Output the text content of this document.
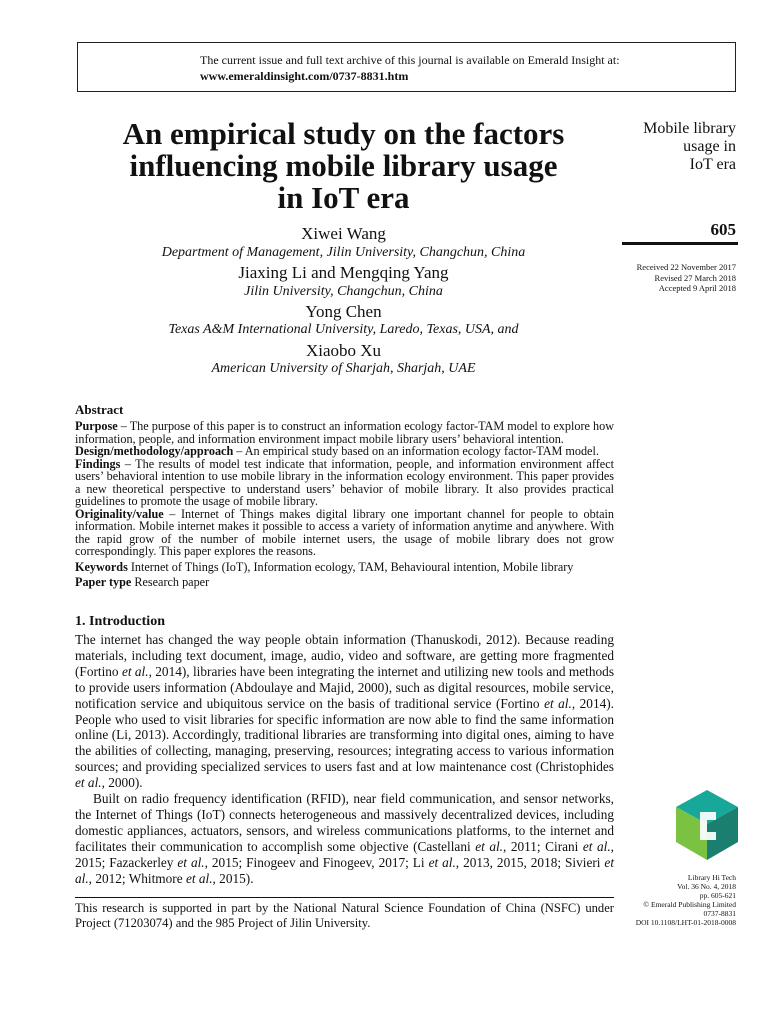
The current issue and full text archive of this journal is available on Emerald Insight at:
www.emeraldinsight.com/0737-8831.htm
An empirical study on the factors
influencing mobile library usage
in IoT era
Xiwei Wang
Department of Management, Jilin University, Changchun, China
Jiaxing Li and Mengqing Yang
Jilin University, Changchun, China
Yong Chen
Texas A&M International University, Laredo, Texas, USA, and
Xiaobo Xu
American University of Sharjah, Sharjah, UAE
Mobile library
usage in
IoT era
605
Received 22 November 2017
Revised 27 March 2018
Accepted 9 April 2018
Abstract
Purpose – The purpose of this paper is to construct an information ecology factor-TAM model to explore how information, people, and information environment impact mobile library users’ behavioral intention.
Design/methodology/approach – An empirical study based on an information ecology factor-TAM model.
Findings – The results of model test indicate that information, people, and information environment affect users’ behavioral intention to use mobile library in the information ecology environment. This paper provides a new theoretical perspective to understand users’ behavior of mobile library. It also provides practical guidelines to promote the usage of mobile library.
Originality/value – Internet of Things makes digital library one important channel for people to obtain information. Mobile internet makes it possible to access a variety of information anytime and anywhere. With the rapid grow of the number of mobile internet users, the usage of mobile library does not grow correspondingly. This paper explores the reasons.
Keywords Internet of Things (IoT), Information ecology, TAM, Behavioural intention, Mobile library
Paper type Research paper
1. Introduction

The internet has changed the way people obtain information (Thanuskodi, 2012). Because reading materials, including text document, image, audio, video and software, are getting more fragmented (Fortino et al., 2014), libraries have been integrating the internet and utilizing new tools and methods to provide users information (Abdoulaye and Majid, 2000), such as digital resources, mobile service, notification service and ubiquitous service on the basis of traditional service (Fortino et al., 2014). People who used to visit libraries for specific information are now able to find the same information online (Li, 2013). Accordingly, traditional libraries are transforming into digital ones, aiming to have the abilities of collecting, managing, preserving, resources; integrating access to various information sources; and providing specialized services to users fast and at low maintenance cost (Christophides et al., 2000).

Built on radio frequency identification (RFID), near field communication, and sensor networks, the Internet of Things (IoT) connects heterogeneous and massively decentralized devices, including domestic appliances, actuators, sensors, and wireless communications platforms, to the internet and facilitates their communication to accomplish some objective (Castellani et al., 2011; Cirani et al., 2015; Fazackerley et al., 2015; Finogeev and Finogeev, 2017; Li et al., 2013, 2015, 2018; Sivieri et al., 2012; Whitmore et al., 2015).

This research is supported in part by the National Natural Science Foundation of China (NSFC) under Project (71203074) and the 985 Project of Jilin University.
Library Hi Tech
Vol. 36 No. 4, 2018
pp. 605-621
© Emerald Publishing Limited
0737-8831
DOI 10.1108/LHT-01-2018-0008
